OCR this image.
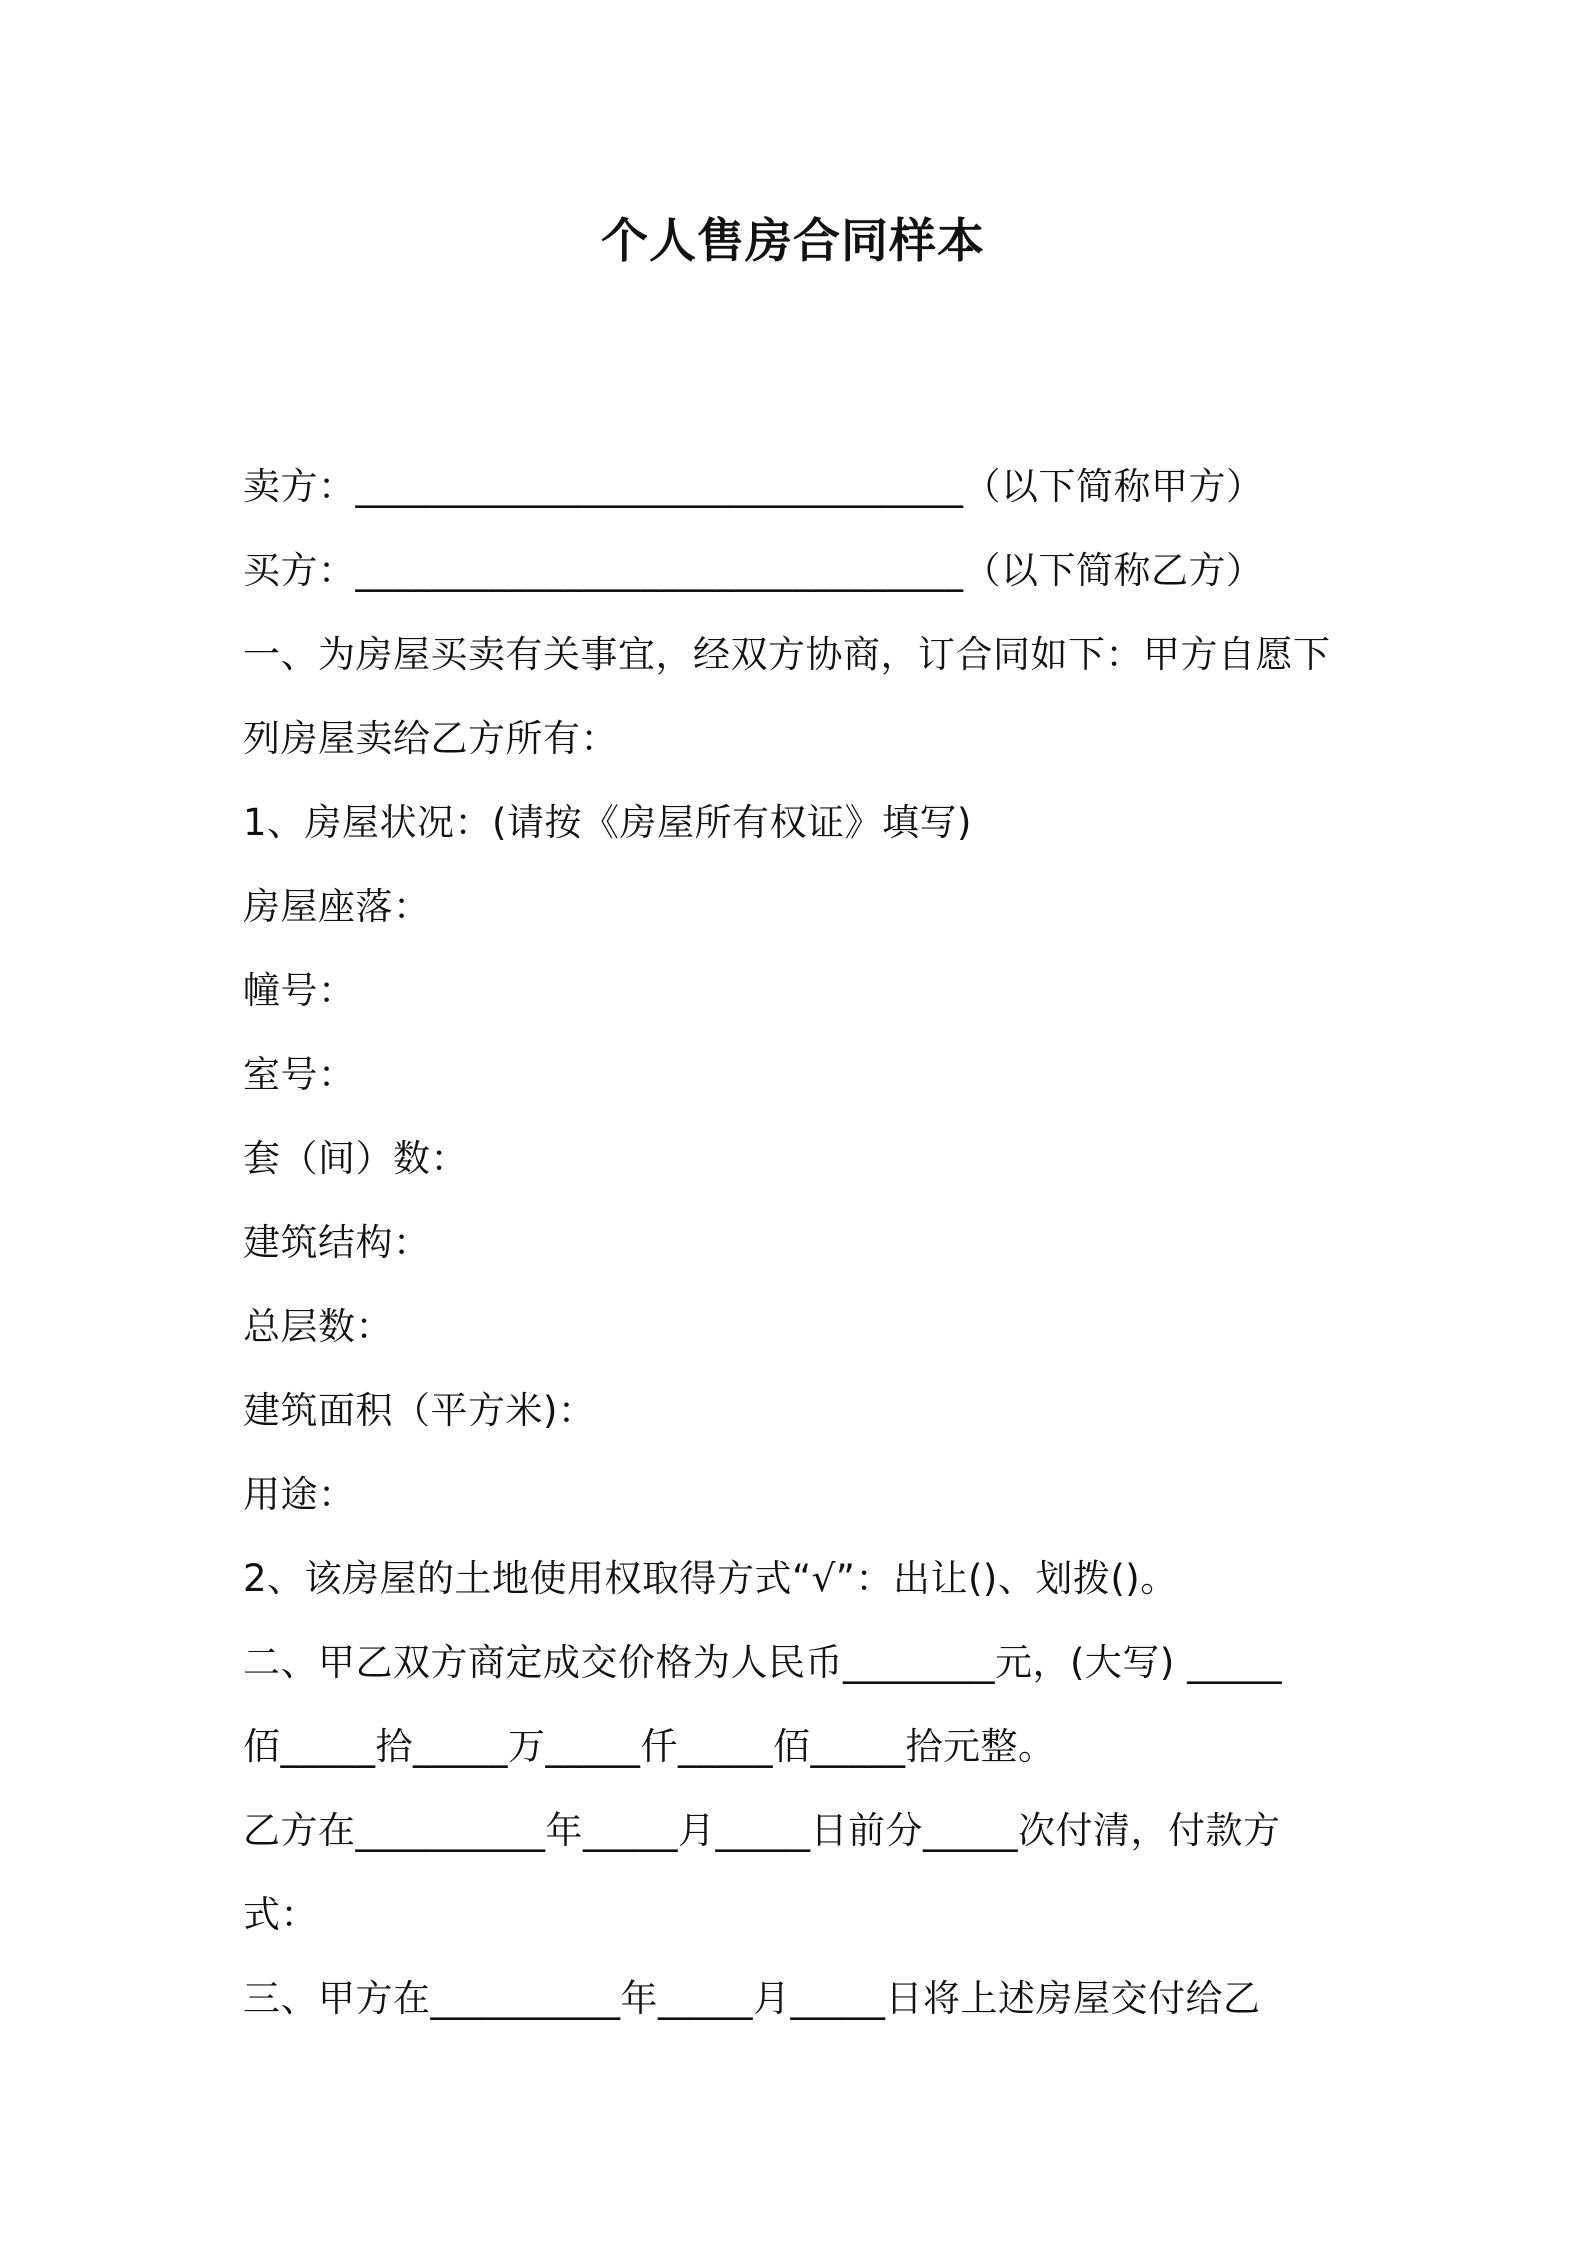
个人售房合同样本
卖方：________________________________（以下简称甲方）
买方：________________________________（以下简称乙方）
一、为房屋买卖有关事宜，经双方协商，订合同如下：甲方自愿下
列房屋卖给乙方所有：
1、房屋状况：(请按《房屋所有权证》填写)
房屋座落：
幢号：
室号：
套（间）数：
建筑结构：
总层数：
建筑面积（平方米)：
用途：
2、该房屋的土地使用权取得方式“√”：出让()、划拨()。
二、甲乙双方商定成交价格为人民币________元，(大写) _____
佰_____拾_____万_____仟_____佰_____拾元整。
乙方在__________年_____月_____日前分_____次付清，付款方
式：
三、甲方在__________年_____月_____日将上述房屋交付给乙
